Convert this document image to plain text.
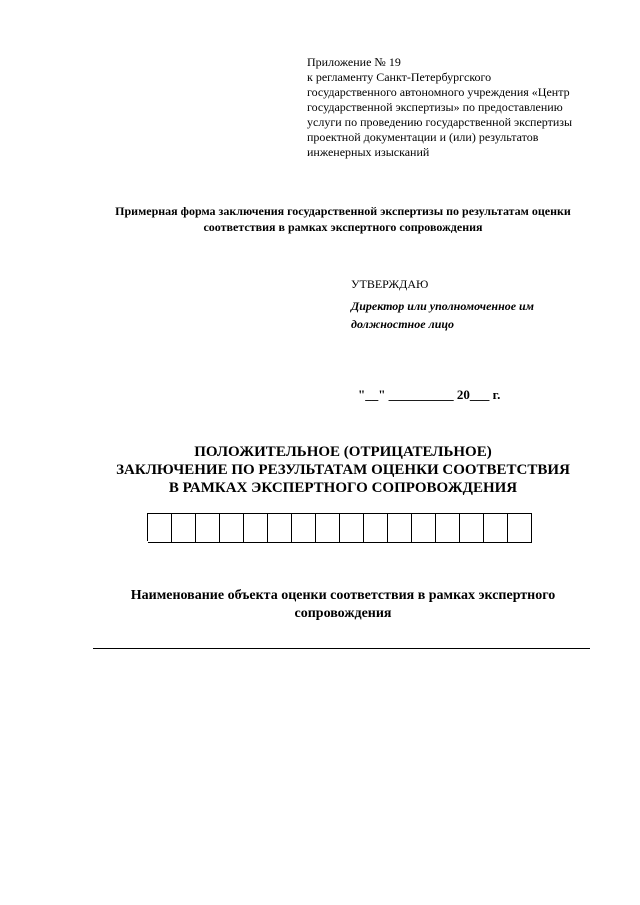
Приложение № 19
к регламенту Санкт-Петербургского
государственного автономного учреждения «Центр
государственной экспертизы» по предоставлению
услуги по проведению государственной экспертизы
проектной документации и (или) результатов
инженерных изысканий
Примерная форма заключения государственной экспертизы по результатам оценки
соответствия в рамках экспертного сопровождения
УТВЕРЖДАЮ
Директор или уполномоченное им
должностное лицо
"__" __________ 20___ г.
ПОЛОЖИТЕЛЬНОЕ (ОТРИЦАТЕЛЬНОЕ)
ЗАКЛЮЧЕНИЕ ПО РЕЗУЛЬТАТАМ ОЦЕНКИ СООТВЕТСТВИЯ
В РАМКАХ ЭКСПЕРТНОГО СОПРОВОЖДЕНИЯ
Наименование объекта оценки соответствия в рамках экспертного
сопровождения
